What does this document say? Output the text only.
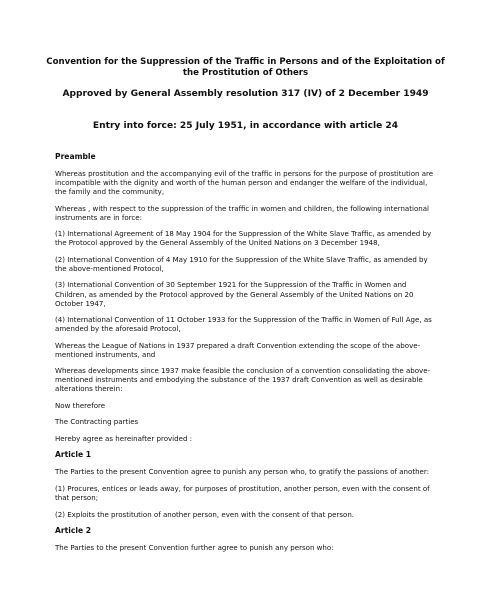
Convention for the Suppression of the Traffic in Persons and of the Exploitation of the Prostitution of Others

Approved by General Assembly resolution 317 (IV) of 2 December 1949

Entry into force: 25 July 1951, in accordance with article 24

Preamble

Whereas prostitution and the accompanying evil of the traffic in persons for the purpose of prostitution are incompatible with the dignity and worth of the human person and endanger the welfare of the individual, the family and the community,

Whereas , with respect to the suppression of the traffic in women and children, the following international instruments are in force:

(1) International Agreement of 18 May 1904 for the Suppression of the White Slave Traffic, as amended by the Protocol approved by the General Assembly of the United Nations on 3 December 1948,

(2) International Convention of 4 May 1910 for the Suppression of the White Slave Traffic, as amended by the above-mentioned Protocol,

(3) International Convention of 30 September 1921 for the Suppression of the Traffic in Women and Children, as amended by the Protocol approved by the General Assembly of the United Nations on 20 October 1947,

(4) International Convention of 11 October 1933 for the Suppression of the Traffic in Women of Full Age, as amended by the aforesaid Protocol,

Whereas the League of Nations in 1937 prepared a draft Convention extending the scope of the above-mentioned instruments, and

Whereas developments since 1937 make feasible the conclusion of a convention consolidating the above-mentioned instruments and embodying the substance of the 1937 draft Convention as well as desirable alterations therein:

Now therefore

The Contracting parties

Hereby agree as hereinafter provided :

Article 1

The Parties to the present Convention agree to punish any person who, to gratify the passions of another:

(1) Procures, entices or leads away, for purposes of prostitution, another person, even with the consent of that person;

(2) Exploits the prostitution of another person, even with the consent of that person.

Article 2

The Parties to the present Convention further agree to punish any person who:
